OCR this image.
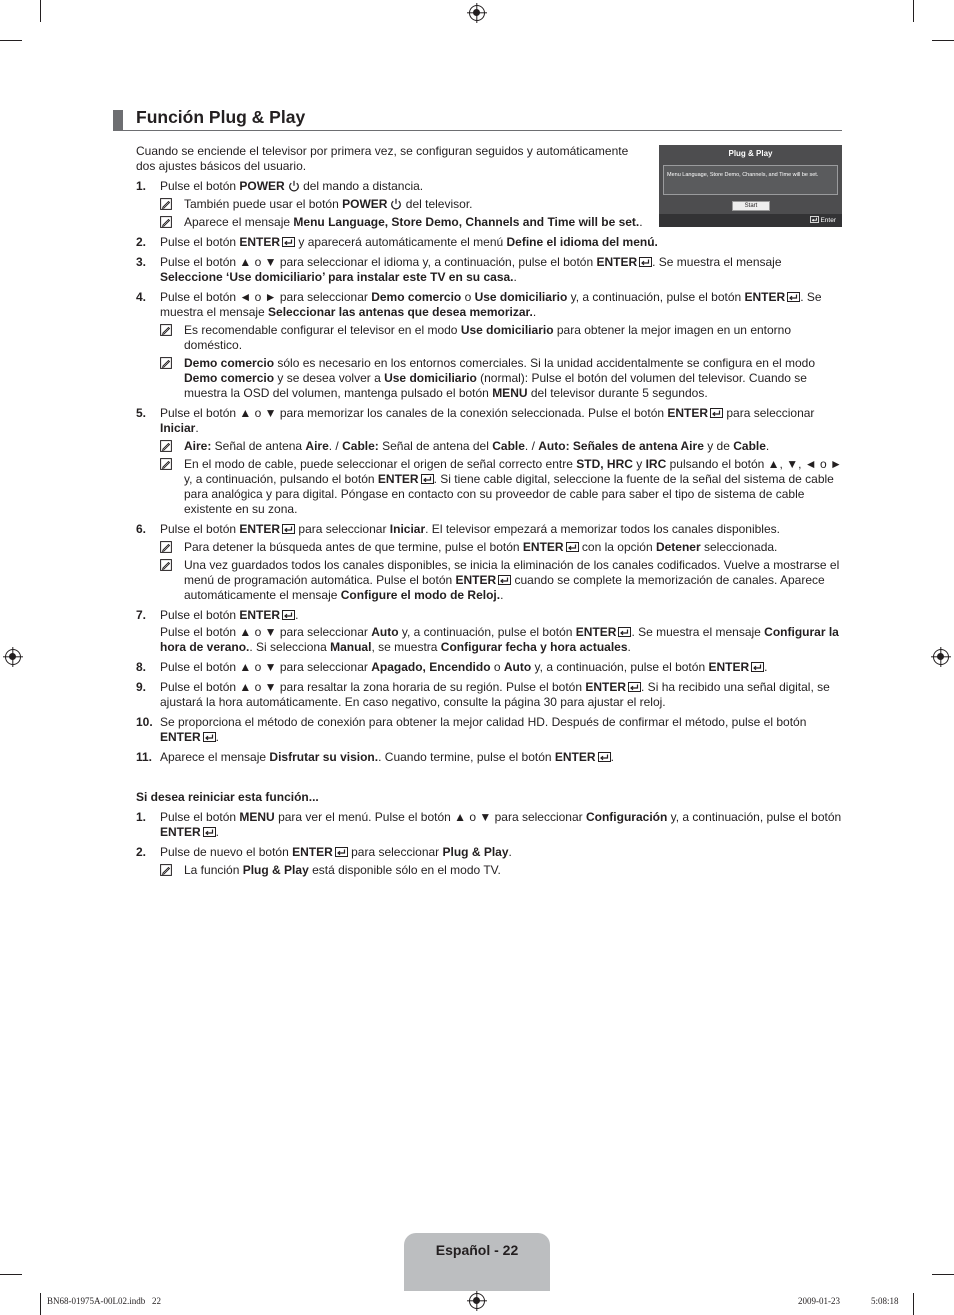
Función Plug & Play
Plug & Play
Menu Language, Store Demo, Channels, and Time will be set.
Start
Enter

Cuando se enciende el televisor por primera vez, se configuran seguidos y automáticamente dos ajustes básicos del usuario.

1. Pulse el botón POWER del mando a distancia.
También puede usar el botón POWER del televisor.
Aparece el mensaje Menu Language, Store Demo, Channels and Time will be set..
2. Pulse el botón ENTER y aparecerá automáticamente el menú Define el idioma del menú.
3. Pulse el botón ▲ o ▼ para seleccionar el idioma y, a continuación, pulse el botón ENTER . Se muestra el mensaje Seleccione ‘Use domiciliario’ para instalar este TV en su casa..
4. Pulse el botón ◄ o ► para seleccionar Demo comercio o Use domiciliario y, a continuación, pulse el botón ENTER . Se muestra el mensaje Seleccionar las antenas que desea memorizar..
Es recomendable configurar el televisor en el modo Use domiciliario para obtener la mejor imagen en un entorno doméstico.
Demo comercio sólo es necesario en los entornos comerciales. Si la unidad accidentalmente se configura en el modo Demo comercio y se desea volver a Use domiciliario (normal): Pulse el botón del volumen del televisor. Cuando se muestra la OSD del volumen, mantenga pulsado el botón MENU del televisor durante 5 segundos.
5. Pulse el botón ▲ o ▼ para memorizar los canales de la conexión seleccionada. Pulse el botón ENTER para seleccionar Iniciar.
Aire: Señal de antena Aire. / Cable: Señal de antena del Cable. / Auto: Señales de antena Aire y de Cable.
En el modo de cable, puede seleccionar el origen de señal correcto entre STD, HRC y IRC pulsando el botón ▲, ▼, ◄ o ► y, a continuación, pulsando el botón ENTER . Si tiene cable digital, seleccione la fuente de la señal del sistema de cable para analógica y para digital. Póngase en contacto con su proveedor de cable para saber el tipo de sistema de cable existente en su zona.
6. Pulse el botón ENTER para seleccionar Iniciar. El televisor empezará a memorizar todos los canales disponibles.
Para detener la búsqueda antes de que termine, pulse el botón ENTER con la opción Detener seleccionada.
Una vez guardados todos los canales disponibles, se inicia la eliminación de los canales codificados. Vuelve a mostrarse el menú de programación automática. Pulse el botón ENTER cuando se complete la memorización de canales. Aparece automáticamente el mensaje Configure el modo de Reloj..
7. Pulse el botón ENTER .
Pulse el botón ▲ o ▼ para seleccionar Auto y, a continuación, pulse el botón ENTER . Se muestra el mensaje Configurar la hora de verano.. Si selecciona Manual, se muestra Configurar fecha y hora actuales.
8. Pulse el botón ▲ o ▼ para seleccionar Apagado, Encendido o Auto y, a continuación, pulse el botón ENTER .
9. Pulse el botón ▲ o ▼ para resaltar la zona horaria de su región. Pulse el botón ENTER . Si ha recibido una señal digital, se ajustará la hora automáticamente. En caso negativo, consulte la página 30 para ajustar el reloj.
10. Se proporciona el método de conexión para obtener la mejor calidad HD. Después de confirmar el método, pulse el botón ENTER .
11. Aparece el mensaje Disfrutar su vision.. Cuando termine, pulse el botón ENTER .
Si desea reiniciar esta función...
1. Pulse el botón MENU para ver el menú. Pulse el botón ▲ o ▼ para seleccionar Configuración y, a continuación, pulse el botón ENTER .
2. Pulse de nuevo el botón ENTER para seleccionar Plug & Play.
La función Plug & Play está disponible sólo en el modo TV.
Español - 22
BN68-01975A-00L02.indb   22	2009-01-23	5:08:18
